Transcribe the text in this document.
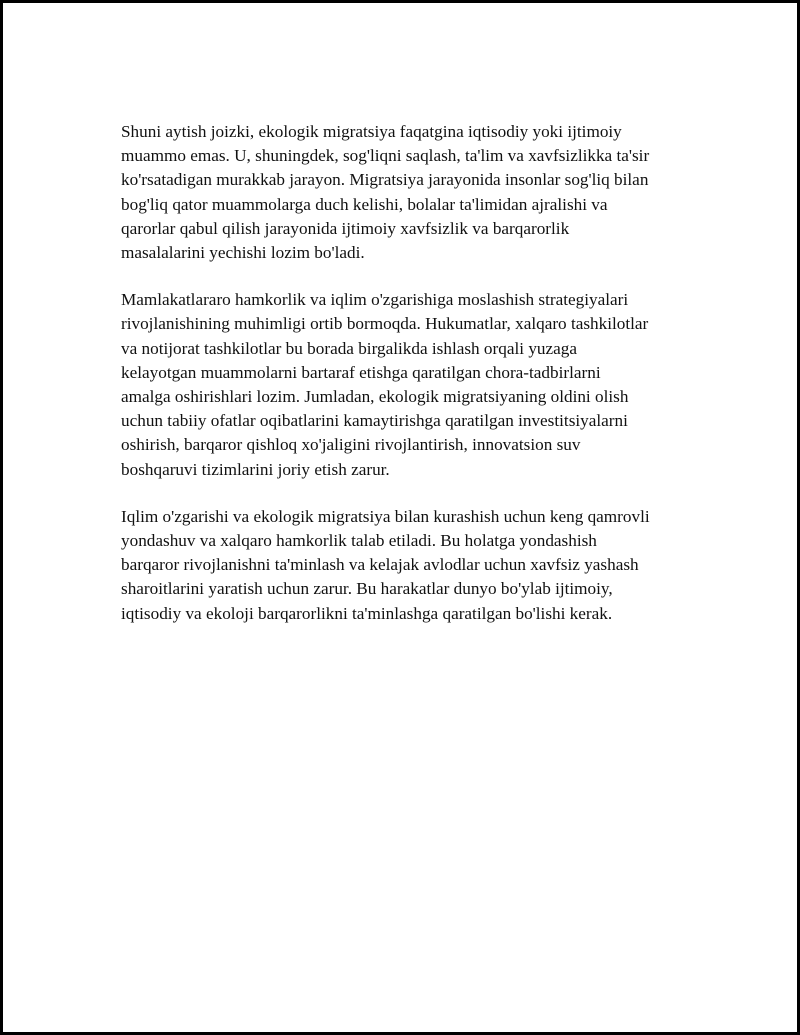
Shuni aytish joizki, ekologik migratsiya faqatgina iqtisodiy yoki ijtimoiy
muammo emas. U, shuningdek, sog'liqni saqlash, ta'lim va xavfsizlikka ta'sir
ko'rsatadigan murakkab jarayon. Migratsiya jarayonida insonlar sog'liq bilan
bog'liq qator muammolarga duch kelishi, bolalar ta'limidan ajralishi va
qarorlar qabul qilish jarayonida ijtimoiy xavfsizlik va barqarorlik
masalalarini yechishi lozim bo'ladi.

Mamlakatlararo hamkorlik va iqlim o'zgarishiga moslashish strategiyalari
rivojlanishining muhimligi ortib bormoqda. Hukumatlar, xalqaro tashkilotlar
va notijorat tashkilotlar bu borada birgalikda ishlash orqali yuzaga
kelayotgan muammolarni bartaraf etishga qaratilgan chora-tadbirlarni
amalga oshirishlari lozim. Jumladan, ekologik migratsiyaning oldini olish
uchun tabiiy ofatlar oqibatlarini kamaytirishga qaratilgan investitsiyalarni
oshirish, barqaror qishloq xo'jaligini rivojlantirish, innovatsion suv
boshqaruvi tizimlarini joriy etish zarur.

Iqlim o'zgarishi va ekologik migratsiya bilan kurashish uchun keng qamrovli
yondashuv va xalqaro hamkorlik talab etiladi. Bu holatga yondashish
barqaror rivojlanishni ta'minlash va kelajak avlodlar uchun xavfsiz yashash
sharoitlarini yaratish uchun zarur. Bu harakatlar dunyo bo'ylab ijtimoiy,
iqtisodiy va ekoloji barqarorlikni ta'minlashga qaratilgan bo'lishi kerak.
